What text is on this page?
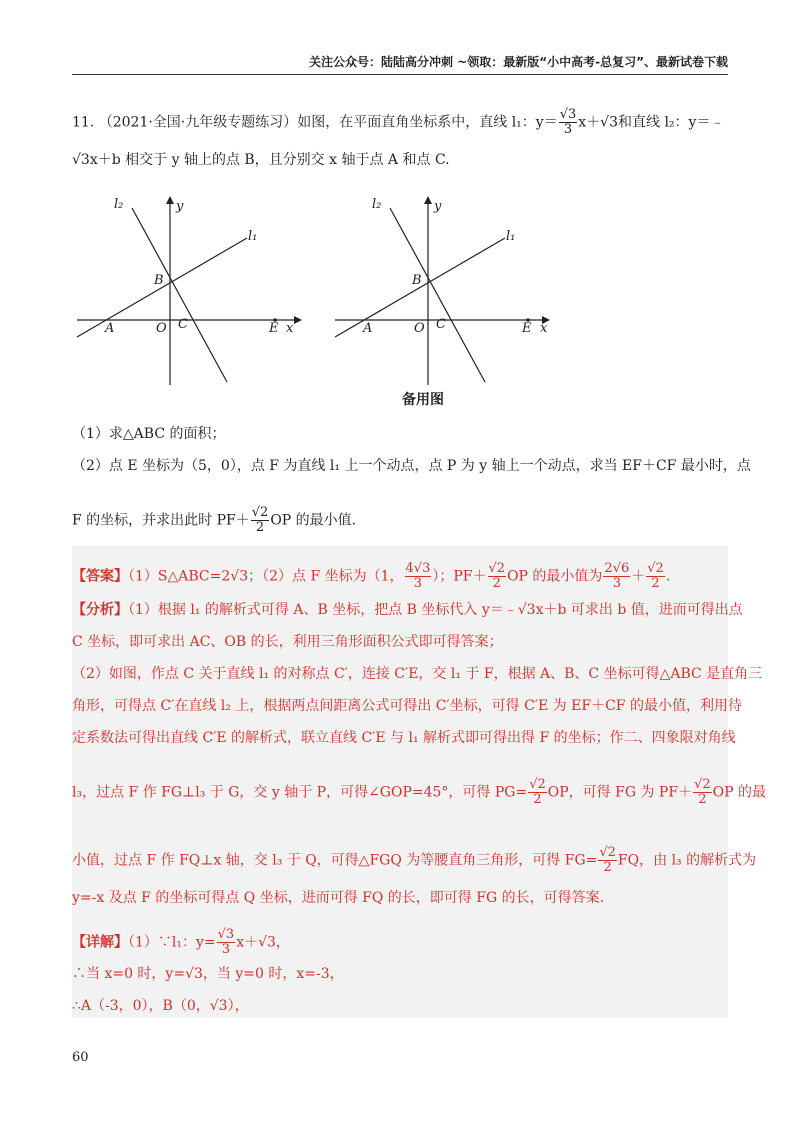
关注公众号：陆陆高分冲刺 ~领取：最新版“小中高考-总复习”、最新试卷下载
11. （2021·全国·九年级专题练习）如图，在平面直角坐标系中，直线 l₁：$y= \frac{√3}{3} x+√3$和直线 l₂：y＝﹣
√3x＋b 相交于 y 轴上的点 B，且分别交 x 轴于点 A 和点 C.
l₂	y
l₁
B
A	O C	E x
l₂	y
l₁
B
A	O C	E x
备用图
（1）求△ABC 的面积；
（2）点 E 坐标为（5，0），点 F 为直线 l₁ 上一个动点，点 P 为 y 轴上一个动点，求当 EF＋CF 最小时，点
F 的坐标，并求出此时 $PF+ \frac{√2}{2}$ OP 的最小值.
【答案】（1）S△ABC=2√3；（2）点 F 坐标为（1， $\frac{4√3}{3}$ ）；$PF+ \frac{√2}{2}$ OP 的最小值为 $\frac{2√6}{3} + \frac{√2}{2}$ .
【分析】（1）根据 l₁ 的解析式可得 A、B 坐标，把点 B 坐标代入 y＝﹣√3x＋b 可求出 b 值，进而可得出点
C 坐标，即可求出 AC、OB 的长，利用三角形面积公式即可得答案；
（2）如图，作点 C 关于直线 l₁ 的对称点 C′，连接 C′E，交 l₁ 于 F，根据 A、B、C 坐标可得△ABC 是直角三
角形，可得点 C′在直线 l₂ 上，根据两点间距离公式可得出 C′坐标，可得 C′E 为 EF＋CF 的最小值，利用待
定系数法可得出直线 C′E 的解析式，联立直线 C′E 与 l₁ 解析式即可得出得 F 的坐标；作二、四象限对角线
l₃，过点 F 作 FG⊥l₃ 于 G，交 y 轴于 P，可得∠GOP=45°，可得 $PG= \frac{√2}{2}$ OP，可得 FG 为 $PF+ \frac{√2}{2}$ OP 的最
小值，过点 F 作 FQ⊥x 轴，交 l₃ 于 Q，可得△FGQ 为等腰直角三角形，可得 $FG= \frac{√2}{2}$ FQ，由 l₃ 的解析式为
y=-x 及点 F 的坐标可得点 Q 坐标，进而可得 FQ 的长，即可得 FG 的长，可得答案.
【详解】（1）∵l₁：$y= \frac{√3}{3} x+√3$，
∴当 x=0 时，y=√3，当 y=0 时，x=-3，
∴A（-3，0），B（0，√3），
60
